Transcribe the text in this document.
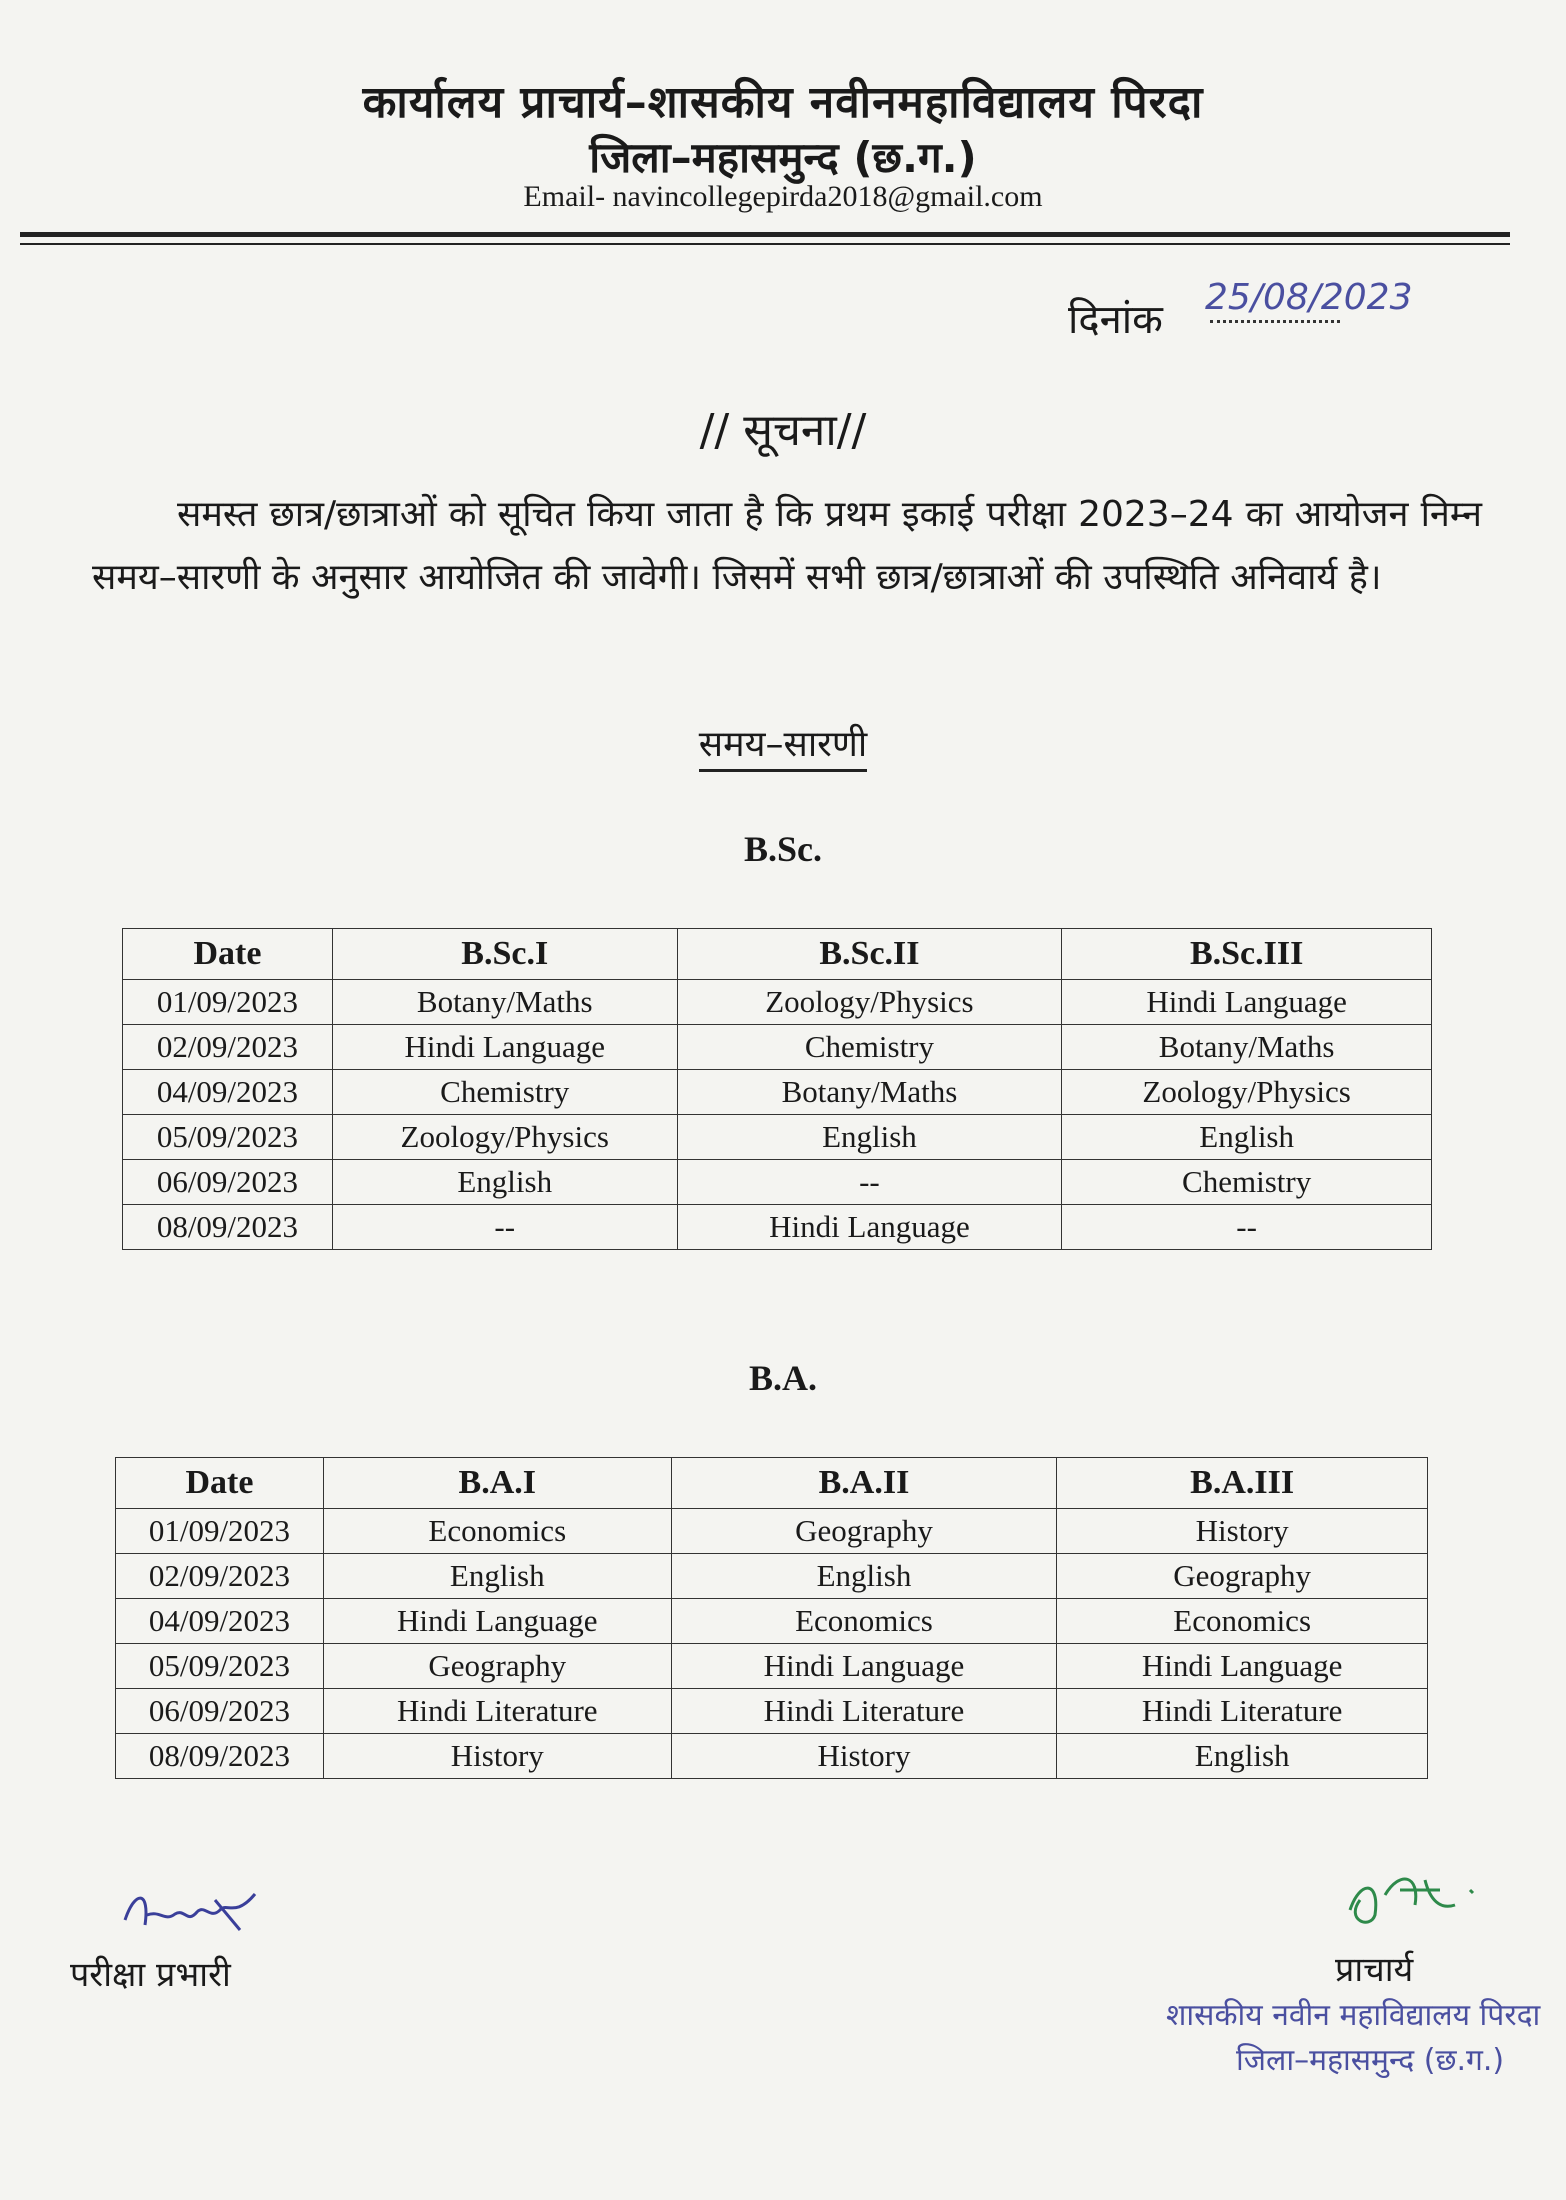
कार्यालय प्राचार्य–शासकीय नवीनमहाविद्यालय पिरदा
जिला–महासमुन्द (छ.ग.)
Email- navincollegepirda2018@gmail.com
दिनांक 25/08/2023
// सूचना//
समस्त छात्र/छात्राओं को सूचित किया जाता है कि प्रथम इकाई परीक्षा 2023–24 का आयोजन निम्न समय–सारणी के अनुसार आयोजित की जावेगी। जिसमें सभी छात्र/छात्राओं की उपस्थिति अनिवार्य है।
समय–सारणी
B.Sc.
Date	B.Sc.I	B.Sc.II	B.Sc.III
01/09/2023	Botany/Maths	Zoology/Physics	Hindi Language
02/09/2023	Hindi Language	Chemistry	Botany/Maths
04/09/2023	Chemistry	Botany/Maths	Zoology/Physics
05/09/2023	Zoology/Physics	English	English
06/09/2023	English	--	Chemistry
08/09/2023	--	Hindi Language	--
B.A.
Date	B.A.I	B.A.II	B.A.III
01/09/2023	Economics	Geography	History
02/09/2023	English	English	Geography
04/09/2023	Hindi Language	Economics	Economics
05/09/2023	Geography	Hindi Language	Hindi Language
06/09/2023	Hindi Literature	Hindi Literature	Hindi Literature
08/09/2023	History	History	English
परीक्षा प्रभारी	प्राचार्य
शासकीय नवीन महाविद्यालय पिरदा
जिला–महासमुन्द (छ.ग.)
